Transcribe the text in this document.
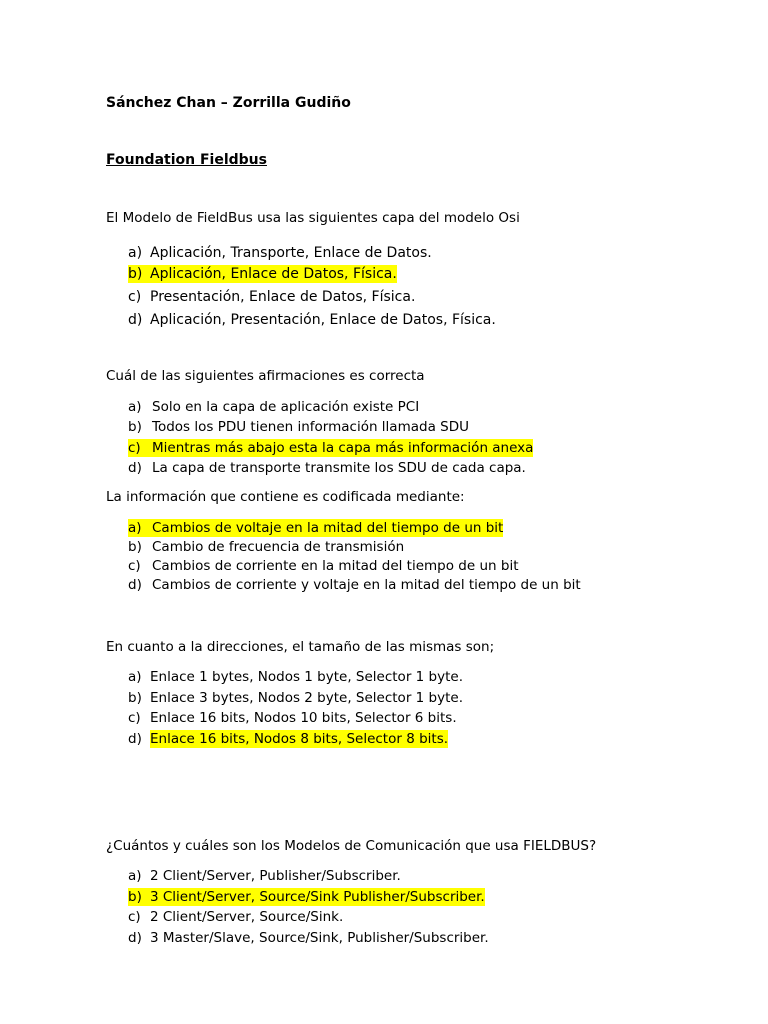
Sánchez Chan – Zorrilla Gudiño
Foundation Fieldbus
El Modelo de FieldBus usa las siguientes capa del modelo Osi
a) Aplicación, Transporte, Enlace de Datos.
b) Aplicación, Enlace de Datos, Física.
c) Presentación, Enlace de Datos, Física.
d) Aplicación, Presentación, Enlace de Datos, Física.
Cuál de las siguientes afirmaciones es correcta
a) Solo en la capa de aplicación existe PCI
b) Todos los PDU tienen información llamada SDU
c) Mientras más abajo esta la capa más información anexa
d) La capa de transporte transmite los SDU de cada capa.
La información que contiene es codificada mediante:
a) Cambios de voltaje en la mitad del tiempo de un bit
b) Cambio de frecuencia de transmisión
c) Cambios de corriente en la mitad del tiempo de un bit
d) Cambios de corriente y voltaje en la mitad del tiempo de un bit
En cuanto a la direcciones, el tamaño de las mismas son;
a) Enlace 1 bytes, Nodos 1 byte, Selector 1 byte.
b) Enlace 3 bytes, Nodos 2 byte, Selector 1 byte.
c) Enlace 16 bits, Nodos 10 bits, Selector 6 bits.
d) Enlace 16 bits, Nodos 8 bits, Selector 8 bits.
¿Cuántos y cuáles son los Modelos de Comunicación que usa FIELDBUS?
a) 2 Client/Server, Publisher/Subscriber.
b) 3 Client/Server, Source/Sink Publisher/Subscriber.
c) 2 Client/Server, Source/Sink.
d) 3 Master/Slave, Source/Sink, Publisher/Subscriber.
